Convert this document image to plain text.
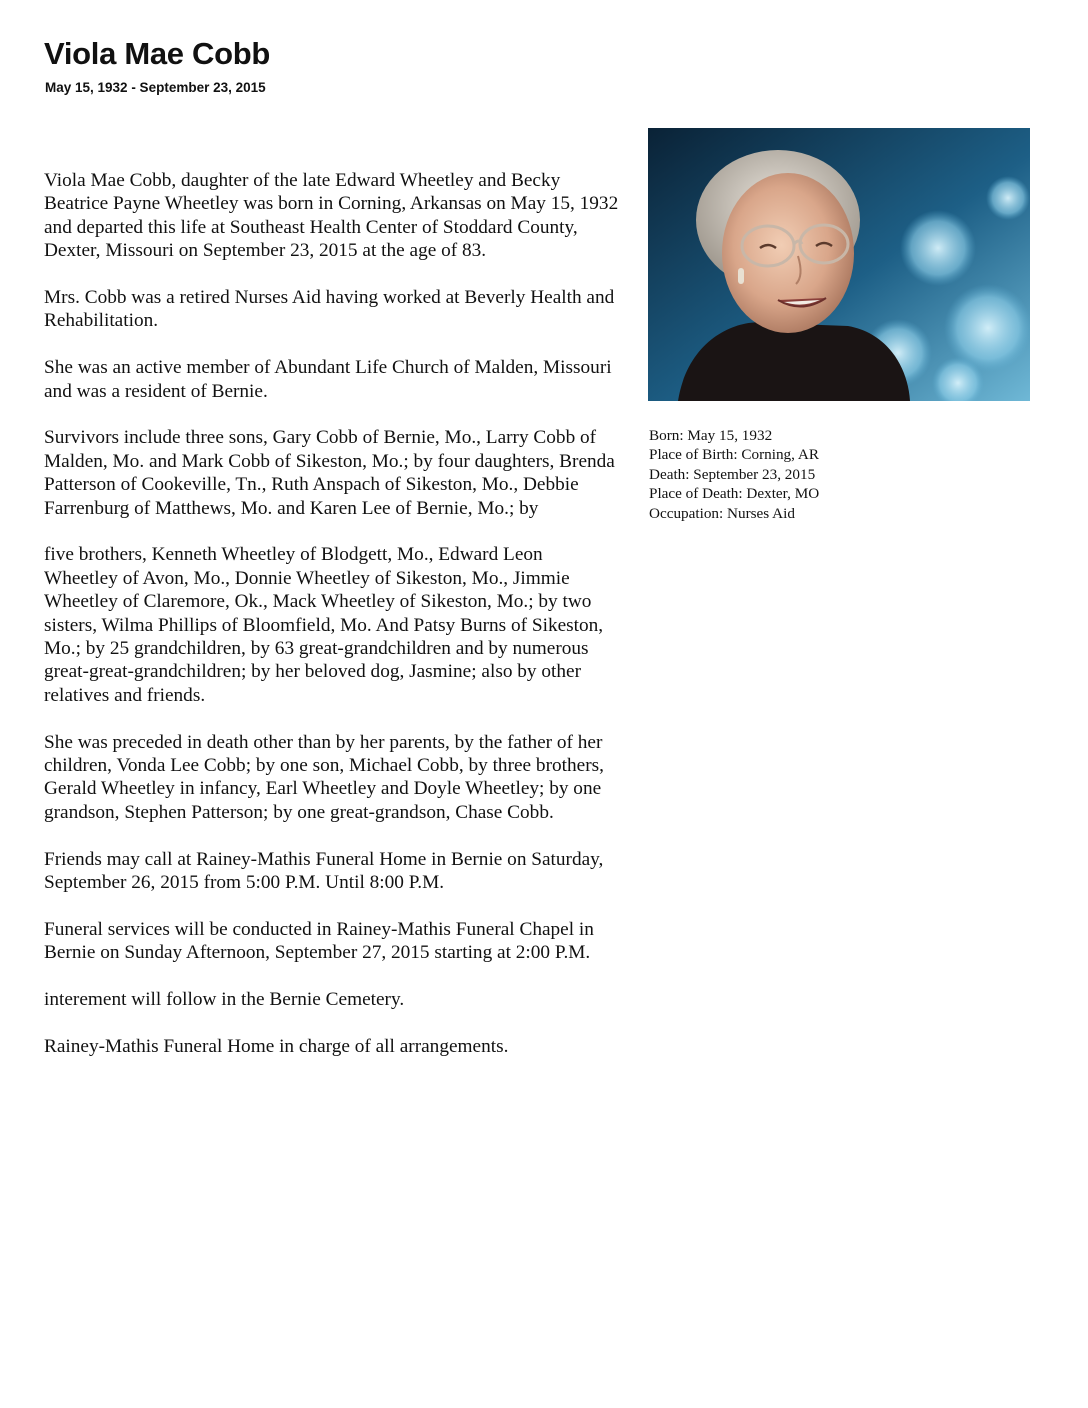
Viola Mae Cobb
May 15, 1932 - September 23, 2015

Viola Mae Cobb, daughter of the late Edward Wheetley and Becky Beatrice Payne Wheetley was born in Corning, Arkansas on May 15, 1932 and departed this life at Southeast Health Center of Stoddard County, Dexter, Missouri on September 23, 2015 at the age of 83.

Mrs. Cobb was a retired Nurses Aid having worked at Beverly Health and Rehabilitation.

She was an active member of Abundant Life Church of Malden, Missouri and was a resident of Bernie.

Survivors include three sons, Gary Cobb of Bernie, Mo., Larry Cobb of Malden, Mo. and Mark Cobb of Sikeston, Mo.; by four daughters, Brenda Patterson of Cookeville, Tn., Ruth Anspach of Sikeston, Mo., Debbie Farrenburg of Matthews, Mo. and Karen Lee of Bernie, Mo.; by

five brothers, Kenneth Wheetley of Blodgett, Mo., Edward Leon Wheetley of Avon, Mo., Donnie Wheetley of Sikeston, Mo., Jimmie Wheetley of Claremore, Ok., Mack Wheetley of Sikeston, Mo.; by two sisters, Wilma Phillips of Bloomfield, Mo. And Patsy Burns of Sikeston, Mo.; by 25 grandchildren, by 63 great-grandchildren and by numerous great-great-grandchildren; by her beloved dog, Jasmine; also by other relatives and friends.

She was preceded in death other than by her parents, by the father of her children, Vonda Lee Cobb; by one son, Michael Cobb, by three brothers, Gerald Wheetley in infancy, Earl Wheetley and Doyle Wheetley; by one grandson, Stephen Patterson; by one great-grandson, Chase Cobb.

Friends may call at Rainey-Mathis Funeral Home in Bernie on Saturday, September 26, 2015 from 5:00 P.M. Until 8:00 P.M.

Funeral services will be conducted in Rainey-Mathis Funeral Chapel in Bernie on Sunday Afternoon, September 27, 2015 starting at 2:00 P.M.

interement will follow in the Bernie Cemetery.

Rainey-Mathis Funeral Home in charge of all arrangements.

Born: May 15, 1932
Place of Birth: Corning, AR
Death: September 23, 2015
Place of Death: Dexter, MO
Occupation: Nurses Aid
